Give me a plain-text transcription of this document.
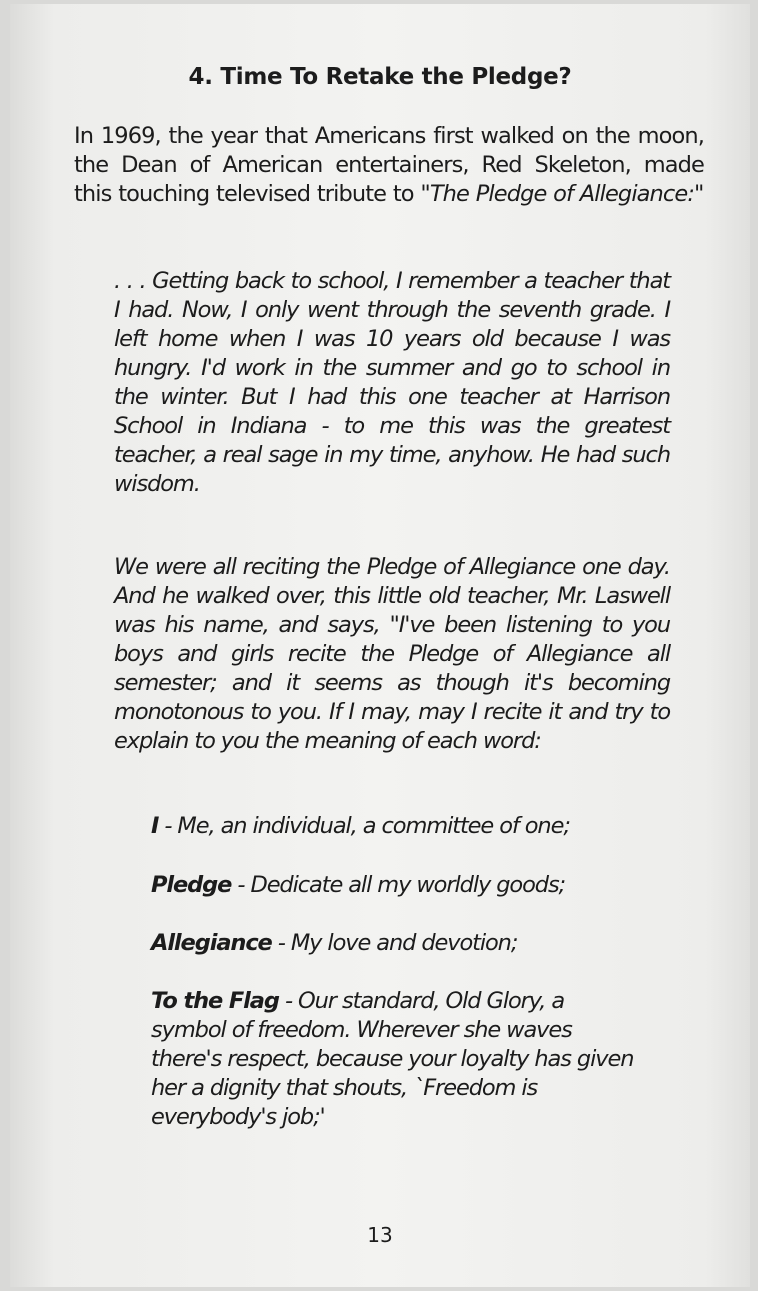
4. Time To Retake the Pledge?

In 1969, the year that Americans first walked on the moon, the Dean of American entertainers, Red Skeleton, made this touching televised tribute to "The Pledge of Allegiance:"

. . . Getting back to school, I remember a teacher that I had. Now, I only went through the seventh grade. I left home when I was 10 years old because I was hungry. I'd work in the summer and go to school in the winter. But I had this one teacher at Harrison School in Indiana - to me this was the greatest teacher, a real sage in my time, anyhow. He had such wisdom.

We were all reciting the Pledge of Allegiance one day. And he walked over, this little old teacher, Mr. Laswell was his name, and says, "I've been listening to you boys and girls recite the Pledge of Allegiance all semester; and it seems as though it's becoming monotonous to you. If I may, may I recite it and try to explain to you the meaning of each word:

I - Me, an individual, a committee of one;

Pledge - Dedicate all my worldly goods;

Allegiance - My love and devotion;

To the Flag - Our standard, Old Glory, a symbol of freedom. Wherever she waves there's respect, because your loyalty has given her a dignity that shouts, `Freedom is everybody's job;'

13
